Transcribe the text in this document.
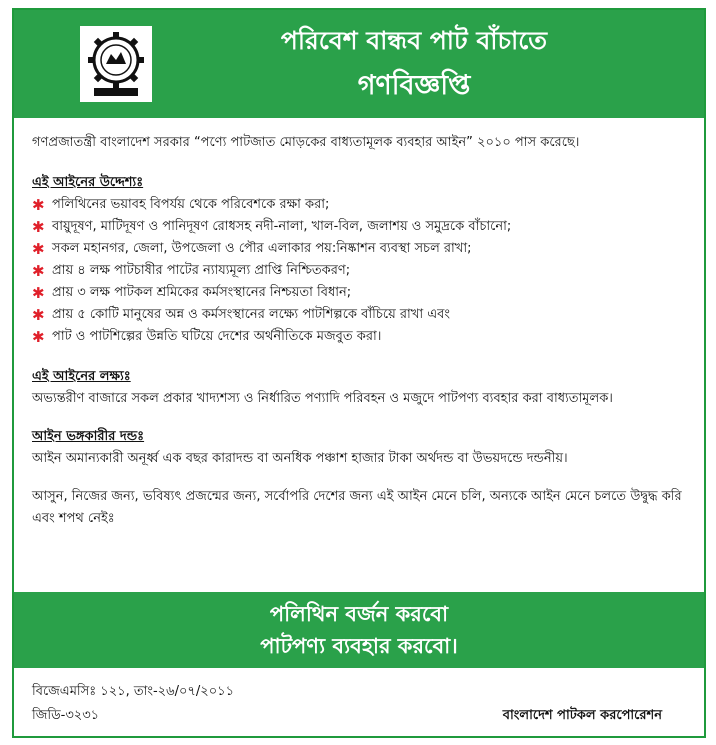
পরিবেশ বান্ধব পাট বাঁচাতে
গণবিজ্ঞপ্তি

গণপ্রজাতন্ত্রী বাংলাদেশ সরকার “পণ্যে পাটজাত মোড়কের বাধ্যতামূলক ব্যবহার আইন” ২০১০ পাস করেছে।

এই আইনের উদ্দেশ্যঃ

✱ পলিথিনের ভয়াবহ বিপর্যয় থেকে পরিবেশকে রক্ষা করা;
✱ বায়ুদূষণ, মাটিদূষণ ও পানিদূষণ রোধসহ নদী-নালা, খাল-বিল, জলাশয় ও সমুদ্রকে বাঁচানো;
✱ সকল মহানগর, জেলা, উপজেলা ও পৌর এলাকার পয়:নিষ্কাশন ব্যবস্থা সচল রাখা;
✱ প্রায় ৪ লক্ষ পাটচাষীর পাটের ন্যায্যমূল্য প্রাপ্তি নিশ্চিতকরণ;
✱ প্রায় ৩ লক্ষ পাটকল শ্রমিকের কর্মসংস্থানের নিশ্চয়তা বিধান;
✱ প্রায় ৫ কোটি মানুষের অন্ন ও কর্মসংস্থানের লক্ষ্যে পাটশিল্পকে বাঁচিয়ে রাখা এবং
✱ পাট ও পাটশিল্পের উন্নতি ঘটিয়ে দেশের অর্থনীতিকে মজবুত করা।

এই আইনের লক্ষ্যঃ

অভ্যন্তরীণ বাজারে সকল প্রকার খাদ্যশস্য ও নির্ধারিত পণ্যাদি পরিবহন ও মজুদে পাটপণ্য ব্যবহার করা বাধ্যতামূলক।

আইন ভঙ্গকারীর দন্ডঃ

আইন অমান্যকারী অনূর্ধ্ব এক বছর কারাদন্ড বা অনধিক পঞ্চাশ হাজার টাকা অর্থদন্ড বা উভয়দন্ডে দন্ডনীয়।

আসুন, নিজের জন্য, ভবিষ্যৎ প্রজন্মের জন্য, সর্বোপরি দেশের জন্য এই আইন মেনে চলি, অন্যকে আইন মেনে চলতে উদ্বুদ্ধ করি এবং শপথ নেইঃ

পলিথিন বর্জন করবো
পাটপণ্য ব্যবহার করবো।
বিজেএমসিঃ ১২১, তাং-২৬/০৭/২০১১
জিডি-৩২৩১	বাংলাদেশ পাটকল করপোরেশন
